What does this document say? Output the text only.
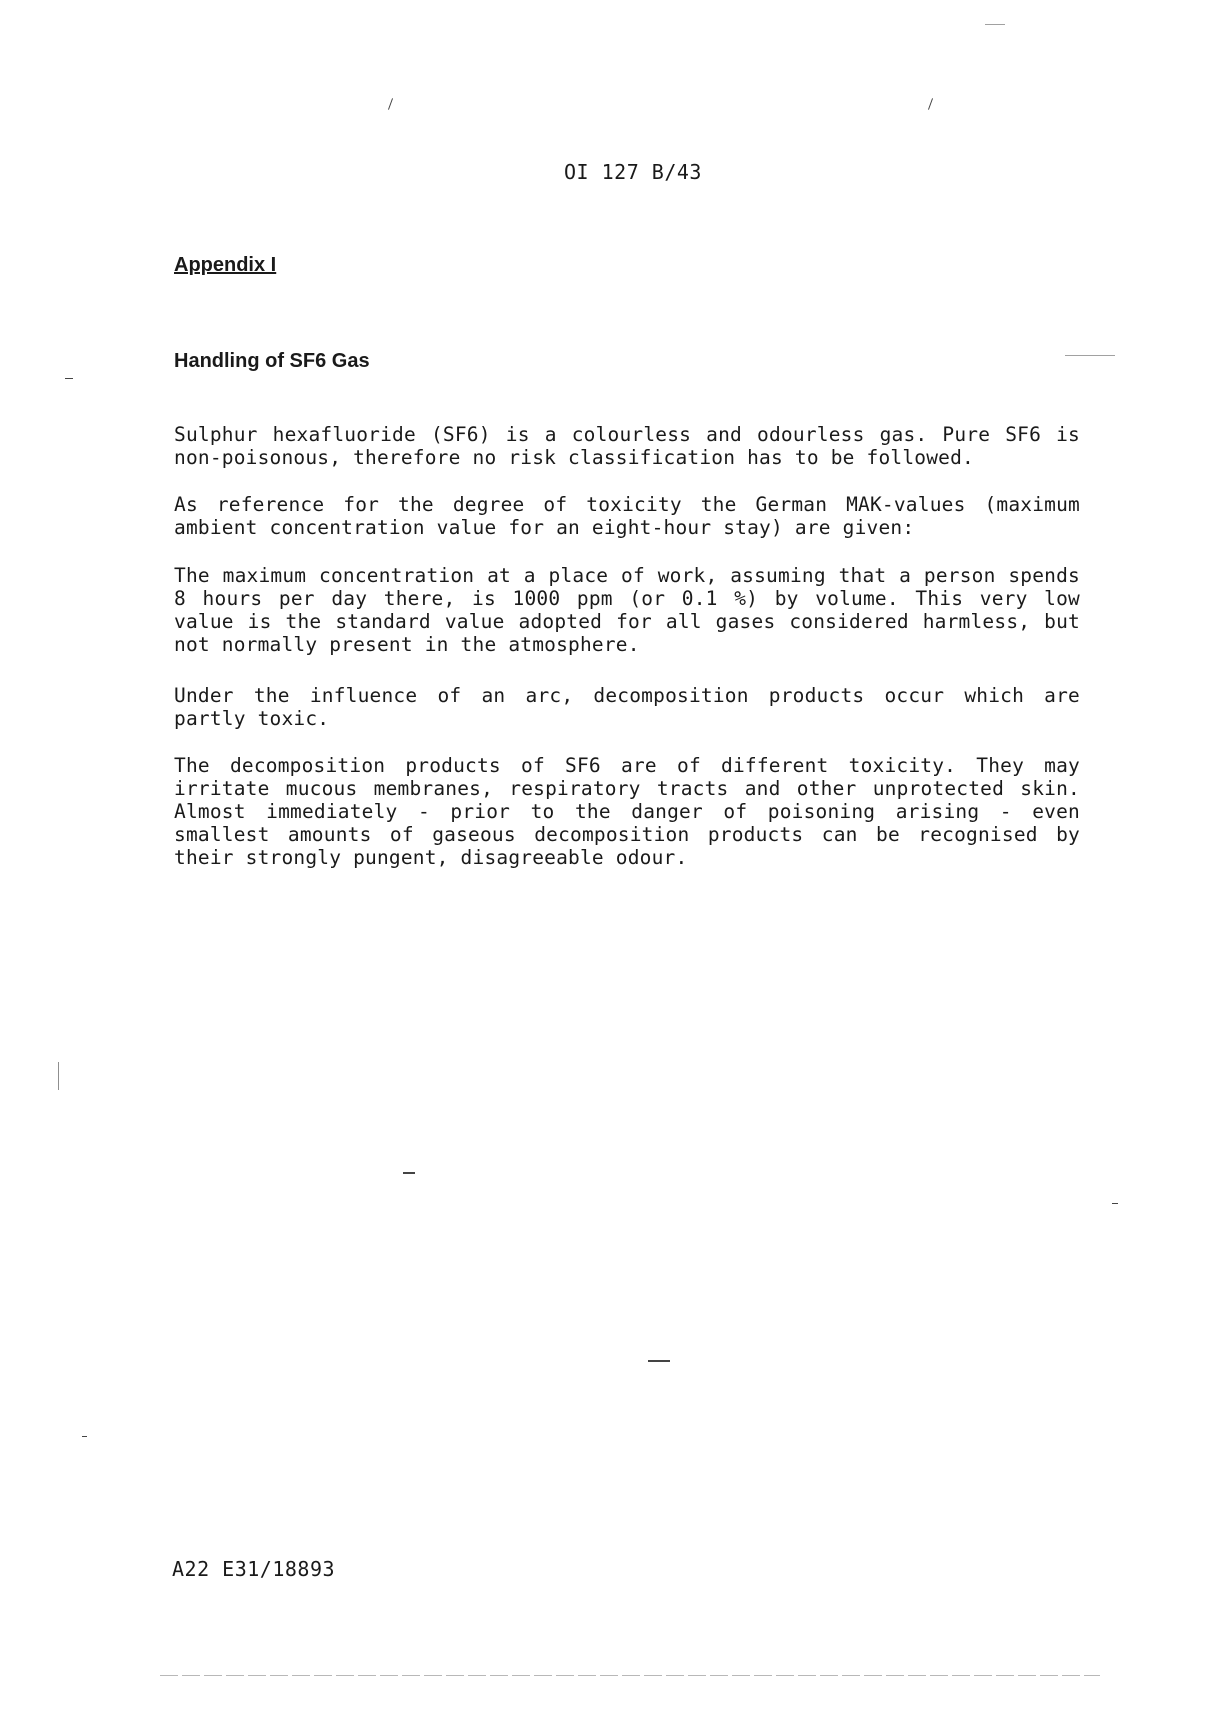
OI 127 B/43
Appendix I
Handling of SF6 Gas
Sulphur hexafluoride (SF6) is a colourless and odourless gas. Pure SF6 is non-poisonous, therefore no risk classification has to be followed.
As reference for the degree of toxicity the German MAK-values (maximum ambient concentration value for an eight-hour stay) are given:
The maximum concentration at a place of work, assuming that a person spends 8 hours per day there, is 1000 ppm (or 0.1 %) by volume. This very low value is the standard value adopted for all gases considered harmless, but not normally present in the atmosphere.
Under the influence of an arc, decomposition products occur which are partly toxic.
The decomposition products of SF6 are of different toxicity. They may irritate mucous membranes, respiratory tracts and other unprotected skin. Almost immediately - prior to the danger of poisoning arising - even smallest amounts of gaseous decomposition products can be recognised by their strongly pungent, disagreeable odour.
A22 E31/18893
